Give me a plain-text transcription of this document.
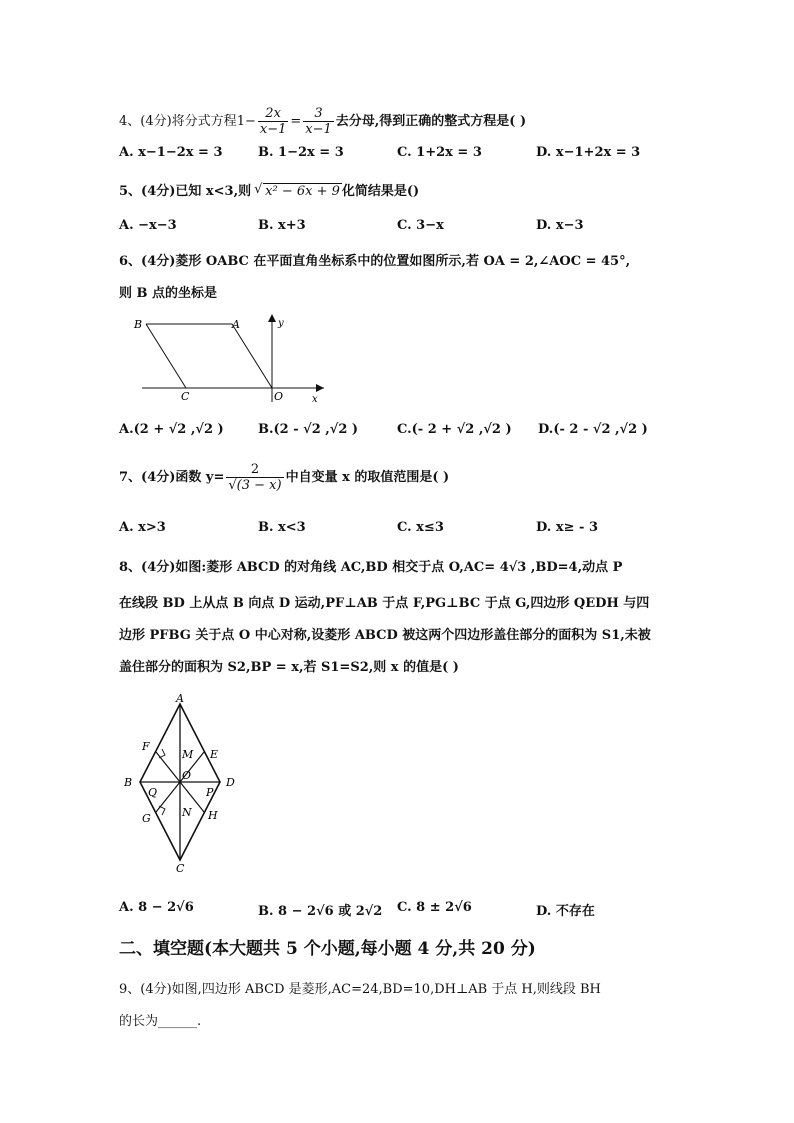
4、(4分)将分式方程$1- \frac{2x}{x-1} = \frac{3}{x-1}$ 去分母,得到正确的整式方程是( )
A. x−1−2x = 3	B. 1−2x = 3	C. 1+2x = 3	D. x−1+2x = 3
5、(4分)已知 x<3,则√ x² − 6x + 9 化简结果是()
A. −x−3	B. x+3	C. 3−x	D. x−3
6、(4分)菱形 OABC 在平面直角坐标系中的位置如图所示,若 OA = 2,∠AOC = 45°,
则 B 点的坐标是
B	A
C	O	x
y
A.(2 + √2 ,√2 )	B.(2 - √2 ,√2 )	C.(- 2 + √2 ,√2 ) D.(- 2 - √2 ,√2 )
7、(4分)函数 $y= \frac{2}{√(3 - x)}$ 中自变量 x 的取值范围是( )
A. x>3	B. x<3	C. x≤3	D. x≥ - 3
8、(4分)如图:菱形 ABCD 的对角线 AC,BD 相交于点 O,AC= 4√3 ,BD=4,动点 P
在线段 BD 上从点 B 向点 D 运动,PF⊥AB 于点 F,PG⊥BC 于点 G,四边形 QEDH 与四
边形 PFBG 关于点 O 中心对称,设菱形 ABCD 被这两个四边形盖住部分的面积为 S1,未被
盖住部分的面积为 S2,BP = x,若 S1=S2,则 x 的值是( )
A
B
C
D
E
F
G	H
M
N
O
P
Q
A. 8 − 2√6	B. 8 − 2√6 或 2√2 C. 8 ± 2√6	D. 不存在
二、填空题(本大题共 5 个小题,每小题 4 分,共 20 分)
9、(4分)如图,四边形 ABCD 是菱形,AC=24,BD=10,DH⊥AB 于点 H,则线段 BH
的长为______.
